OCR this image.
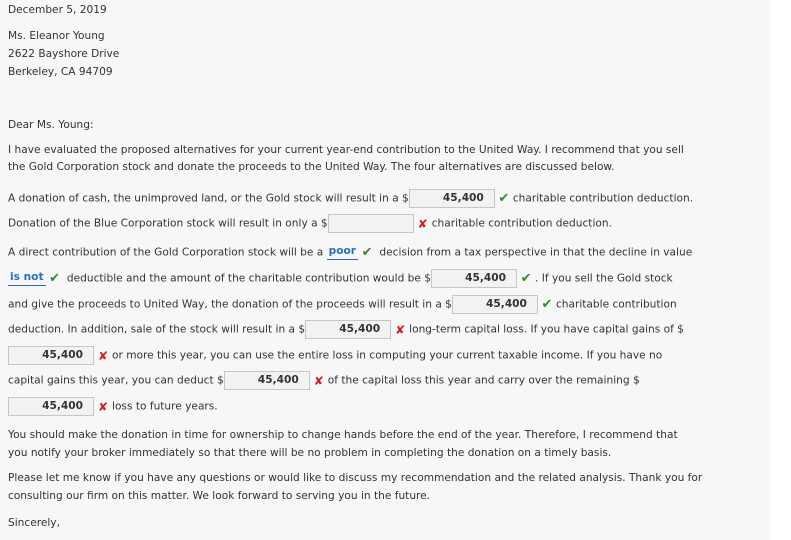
December 5, 2019
Ms. Eleanor Young
2622 Bayshore Drive
Berkeley, CA 94709
Dear Ms. Young:
I have evaluated the proposed alternatives for your current year-end contribution to the United Way. I recommend that you sell
the Gold Corporation stock and donate the proceeds to the United Way. The four alternatives are discussed below.
A donation of cash, the unimproved land, or the Gold stock will result in a $	45,400 ✔ charitable contribution deduction.
Donation of the Blue Corporation stock will result in only a $	✘ charitable contribution deduction.
A direct contribution of the Gold Corporation stock will be a poor ✔ decision from a tax perspective in that the decline in value
is not ✔ deductible and the amount of the charitable contribution would be $	45,400 ✔ . If you sell the Gold stock
and give the proceeds to United Way, the donation of the proceeds will result in a $	45,400 ✔ charitable contribution
deduction. In addition, sale of the stock will result in a $	45,400 ✘ long-term capital loss. If you have capital gains of $
45,400 ✘ or more this year, you can use the entire loss in computing your current taxable income. If you have no
capital gains this year, you can deduct $	45,400 ✘ of the capital loss this year and carry over the remaining $
45,400 ✘ loss to future years.
You should make the donation in time for ownership to change hands before the end of the year. Therefore, I recommend that
you notify your broker immediately so that there will be no problem in completing the donation on a timely basis.
Please let me know if you have any questions or would like to discuss my recommendation and the related analysis. Thank you for
consulting our firm on this matter. We look forward to serving you in the future.
Sincerely,
